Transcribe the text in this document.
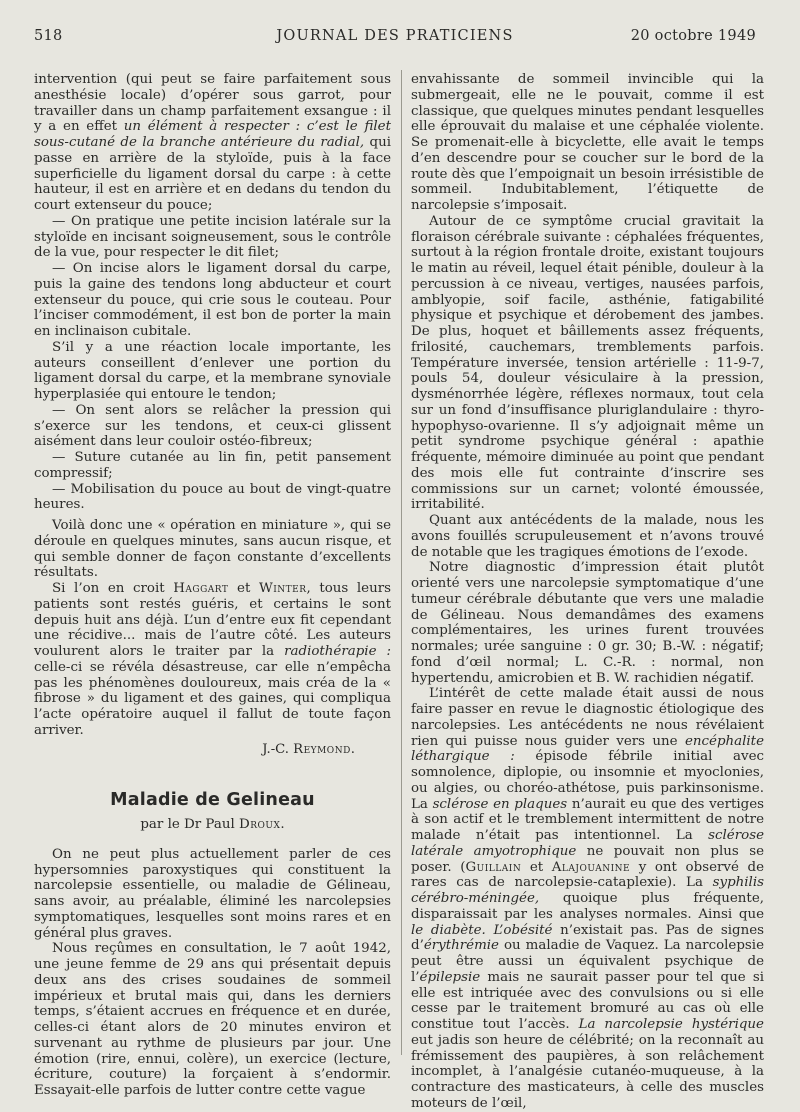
518	JOURNAL DES PRATICIENS	20 octobre 1949

intervention (qui peut se faire parfaitement sous anesthésie locale) d’opérer sous garrot, pour travailler dans un champ parfaitement exsangue : il y a en effet un élément à respecter : c’est le filet sous-cutané de la branche antérieure du radial, qui passe en arrière de la styloïde, puis à la face superficielle du ligament dorsal du carpe : à cette hauteur, il est en arrière et en dedans du tendon du court extenseur du pouce;

— On pratique une petite incision latérale sur la styloïde en incisant soigneusement, sous le contrôle de la vue, pour respecter le dit filet;

— On incise alors le ligament dorsal du carpe, puis la gaine des tendons long abducteur et court extenseur du pouce, qui crie sous le couteau. Pour l’inciser commodément, il est bon de porter la main en inclinaison cubitale.

S’il y a une réaction locale importante, les auteurs conseillent d’enlever une portion du ligament dorsal du carpe, et la membrane synoviale hyperplasiée qui entoure le tendon;

— On sent alors se relâcher la pression qui s’exerce sur les tendons, et ceux-ci glissent aisément dans leur couloir ostéo-fibreux;

— Suture cutanée au lin fin, petit pansement compressif;

— Mobilisation du pouce au bout de vingt-quatre heures.

Voilà donc une « opération en miniature », qui se déroule en quelques minutes, sans aucun risque, et qui semble donner de façon constante d’excellents résultats.

Si l’on en croit Haggart et Winter, tous leurs patients sont restés guéris, et certains le sont depuis huit ans déjà. L’un d’entre eux fit cependant une récidive... mais de l’autre côté. Les auteurs voulurent alors le traiter par la radiothérapie : celle-ci se révéla désastreuse, car elle n’empêcha pas les phénomènes douloureux, mais créa de la « fibrose » du ligament et des gaines, qui compliqua l’acte opératoire auquel il fallut de toute façon arriver.

J.-C. Reymond.
Maladie de Gelineau
par le Dr Paul Droux.

On ne peut plus actuellement parler de ces hypersomnies paroxystiques qui constituent la narcolepsie essentielle, ou maladie de Gélineau, sans avoir, au préalable, éliminé les narcolepsies symptomatiques, lesquelles sont moins rares et en général plus graves.

Nous reçûmes en consultation, le 7 août 1942, une jeune femme de 29 ans qui présentait depuis deux ans des crises soudaines de sommeil impérieux et brutal mais qui, dans les derniers temps, s’étaient accrues en fréquence et en durée, celles-ci étant alors de 20 minutes environ et survenant au rythme de plusieurs par jour. Une émotion (rire, ennui, colère), un exercice (lecture, écriture, couture) la forçaient à s’endormir. Essayait-elle parfois de lutter contre cette vague

envahissante de sommeil invincible qui la submergeait, elle ne le pouvait, comme il est classique, que quelques minutes pendant lesquelles elle éprouvait du malaise et une céphalée violente. Se promenait-elle à bicyclette, elle avait le temps d’en descendre pour se coucher sur le bord de la route dès que l’empoignait un besoin irrésistible de sommeil. Indubitablement, l’étiquette de narcolepsie s’imposait.

Autour de ce symptôme crucial gravitait la floraison cérébrale suivante : céphalées fréquentes, surtout à la région frontale droite, existant toujours le matin au réveil, lequel était pénible, douleur à la percussion à ce niveau, vertiges, nausées parfois, amblyopie, soif facile, asthénie, fatigabilité physique et psychique et dérobement des jambes. De plus, hoquet et bâillements assez fréquents, frilosité, cauchemars, tremblements parfois. Température inversée, tension artérielle : 11-9-7, pouls 54, douleur vésiculaire à la pression, dysménorrhée légère, réflexes normaux, tout cela sur un fond d’insuffisance pluriglandulaire : thyro-hypophyso-ovarienne. Il s’y adjoignait même un petit syndrome psychique général : apathie fréquente, mémoire diminuée au point que pendant des mois elle fut contrainte d’inscrire ses commissions sur un carnet; volonté émoussée, irritabilité.

Quant aux antécédents de la malade, nous les avons fouillés scrupuleusement et n’avons trouvé de notable que les tragiques émotions de l’exode.

Notre diagnostic d’impression était plutôt orienté vers une narcolepsie symptomatique d’une tumeur cérébrale débutante que vers une maladie de Gélineau. Nous demandâmes des examens complémentaires, les urines furent trouvées normales; urée sanguine : 0 gr. 30; B.-W. : négatif; fond d’œil normal; L. C.-R. : normal, non hypertendu, amicrobien et B. W. rachidien négatif.

L’intérêt de cette malade était aussi de nous faire passer en revue le diagnostic étiologique des narcolepsies. Les antécédents ne nous révélaient rien qui puisse nous guider vers une encéphalite léthargique : épisode fébrile initial avec somnolence, diplopie, ou insomnie et myoclonies, ou algies, ou choréo-athétose, puis parkinsonisme. La sclérose en plaques n’aurait eu que des vertiges à son actif et le tremblement intermittent de notre malade n’était pas intentionnel. La sclérose latérale amyotrophique ne pouvait non plus se poser. (Guillain et Alajouanine y ont observé de rares cas de narcolepsie-cataplexie). La syphilis cérébro-méningée, quoique plus fréquente, disparaissait par les analyses normales. Ainsi que le diabète. L’obésité n’existait pas. Pas de signes d’érythrémie ou maladie de Vaquez. La narcolepsie peut être aussi un équivalent psychique de l’épilepsie mais ne saurait passer pour tel que si elle est intriquée avec des convulsions ou si elle cesse par le traitement bromuré au cas où elle constitue tout l’accès. La narcolepsie hystérique eut jadis son heure de célébrité; on la reconnaît au frémissement des paupières, à son relâchement incomplet, à l’analgésie cutanéo-muqueuse, à la contracture des masticateurs, à celle des muscles moteurs de l’œil,
